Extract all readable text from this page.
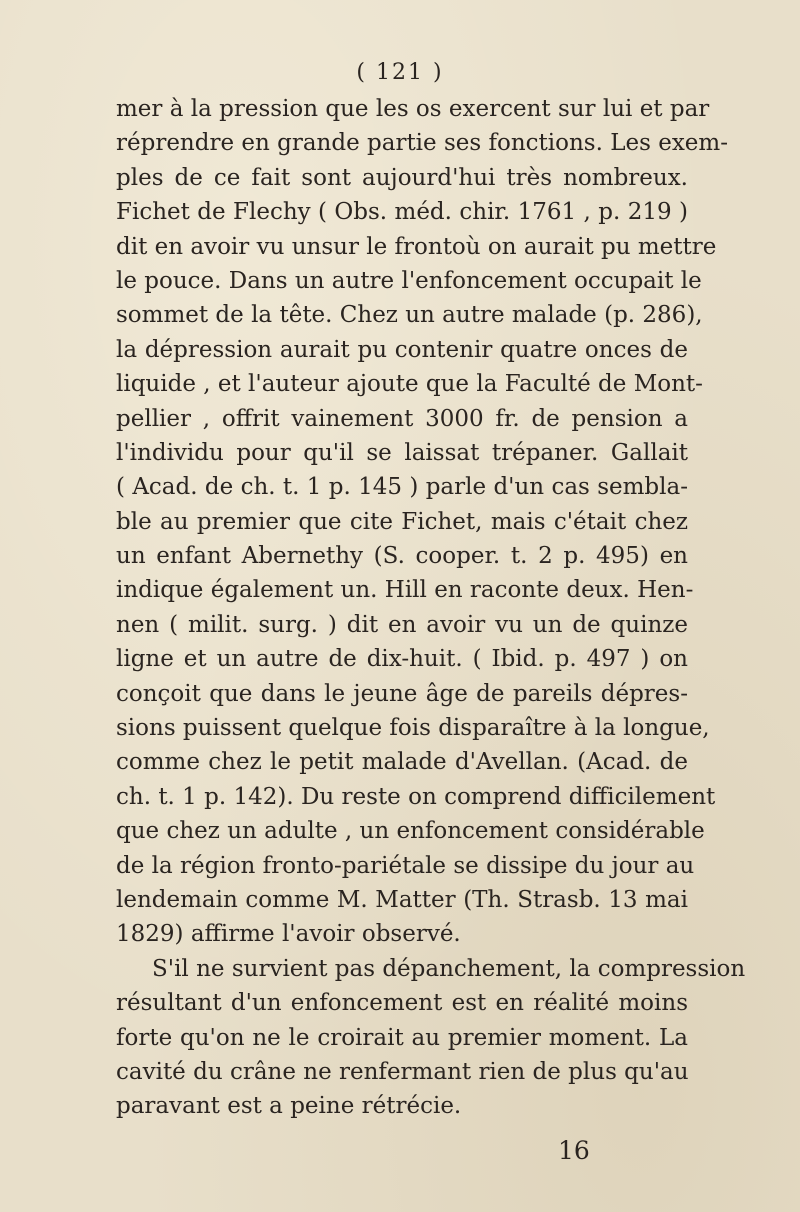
( 121 )
mer à la pression que les os exercent sur lui et par
réprendre en grande partie ses fonctions. Les exem-
ples de ce fait sont aujourd'hui très nombreux.
Fichet de Flechy ( Obs. méd. chir. 1761 , p. 219 )
dit en avoir vu unsur le frontoù on aurait pu mettre
le pouce. Dans un autre l'enfoncement occupait le
sommet de la tête. Chez un autre malade (p. 286),
la dépression aurait pu contenir quatre onces de
liquide , et l'auteur ajoute que la Faculté de Mont-
pellier , offrit vainement 3000 fr. de pension a
l'individu pour qu'il se laissat trépaner. Gallait
( Acad. de ch. t. 1 p. 145 ) parle d'un cas sembla-
ble au premier que cite Fichet, mais c'était chez
un enfant Abernethy (S. cooper. t. 2 p. 495) en
indique également un. Hill en raconte deux. Hen-
nen ( milit. surg. ) dit en avoir vu un de quinze
ligne et un autre de dix-huit. ( Ibid. p. 497 ) on
conçoit que dans le jeune âge de pareils dépres-
sions puissent quelque fois disparaître à la longue,
comme chez le petit malade d'Avellan. (Acad. de
ch. t. 1 p. 142). Du reste on comprend difficilement
que chez un adulte , un enfoncement considérable
de la région fronto-pariétale se dissipe du jour au
lendemain comme M. Matter (Th. Strasb. 13 mai
1829) affirme l'avoir observé.
S'il ne survient pas dépanchement, la compression
résultant d'un enfoncement est en réalité moins
forte qu'on ne le croirait au premier moment. La
cavité du crâne ne renfermant rien de plus qu'au
paravant est a peine rétrécie.
16
